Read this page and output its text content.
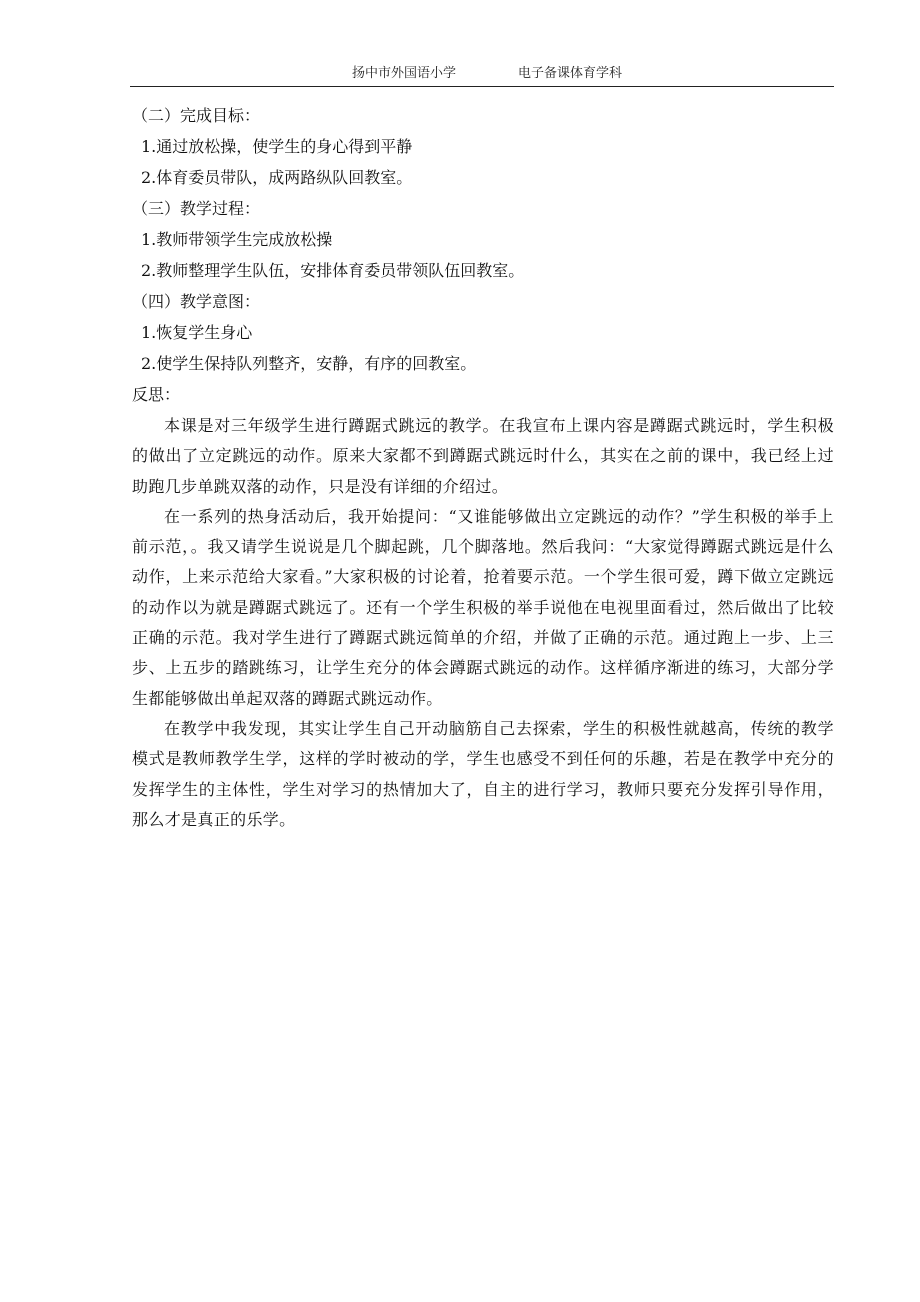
扬中市外国语小学	电子备课体育学科
（二）完成目标：
1.通过放松操，使学生的身心得到平静
2.体育委员带队，成两路纵队回教室。
（三）教学过程：
1.教师带领学生完成放松操
2.教师整理学生队伍，安排体育委员带领队伍回教室。
（四）教学意图：
1.恢复学生身心
2.使学生保持队列整齐，安静，有序的回教室。
反思：

本课是对三年级学生进行蹲踞式跳远的教学。在我宣布上课内容是蹲踞式跳远时，学生积极的做出了立定跳远的动作。原来大家都不到蹲踞式跳远时什么，其实在之前的课中，我已经上过助跑几步单跳双落的动作，只是没有详细的介绍过。

在一系列的热身活动后，我开始提问：“又谁能够做出立定跳远的动作？”学生积极的举手上前示范，。我又请学生说说是几个脚起跳，几个脚落地。然后我问：“大家觉得蹲踞式跳远是什么动作，上来示范给大家看。”大家积极的讨论着，抢着要示范。一个学生很可爱，蹲下做立定跳远的动作以为就是蹲踞式跳远了。还有一个学生积极的举手说他在电视里面看过，然后做出了比较正确的示范。我对学生进行了蹲踞式跳远简单的介绍，并做了正确的示范。通过跑上一步、上三步、上五步的踏跳练习，让学生充分的体会蹲踞式跳远的动作。这样循序渐进的练习，大部分学生都能够做出单起双落的蹲踞式跳远动作。

在教学中我发现，其实让学生自己开动脑筋自己去探索，学生的积极性就越高，传统的教学模式是教师教学生学，这样的学时被动的学，学生也感受不到任何的乐趣，若是在教学中充分的发挥学生的主体性，学生对学习的热情加大了，自主的进行学习，教师只要充分发挥引导作用，那么才是真正的乐学。
